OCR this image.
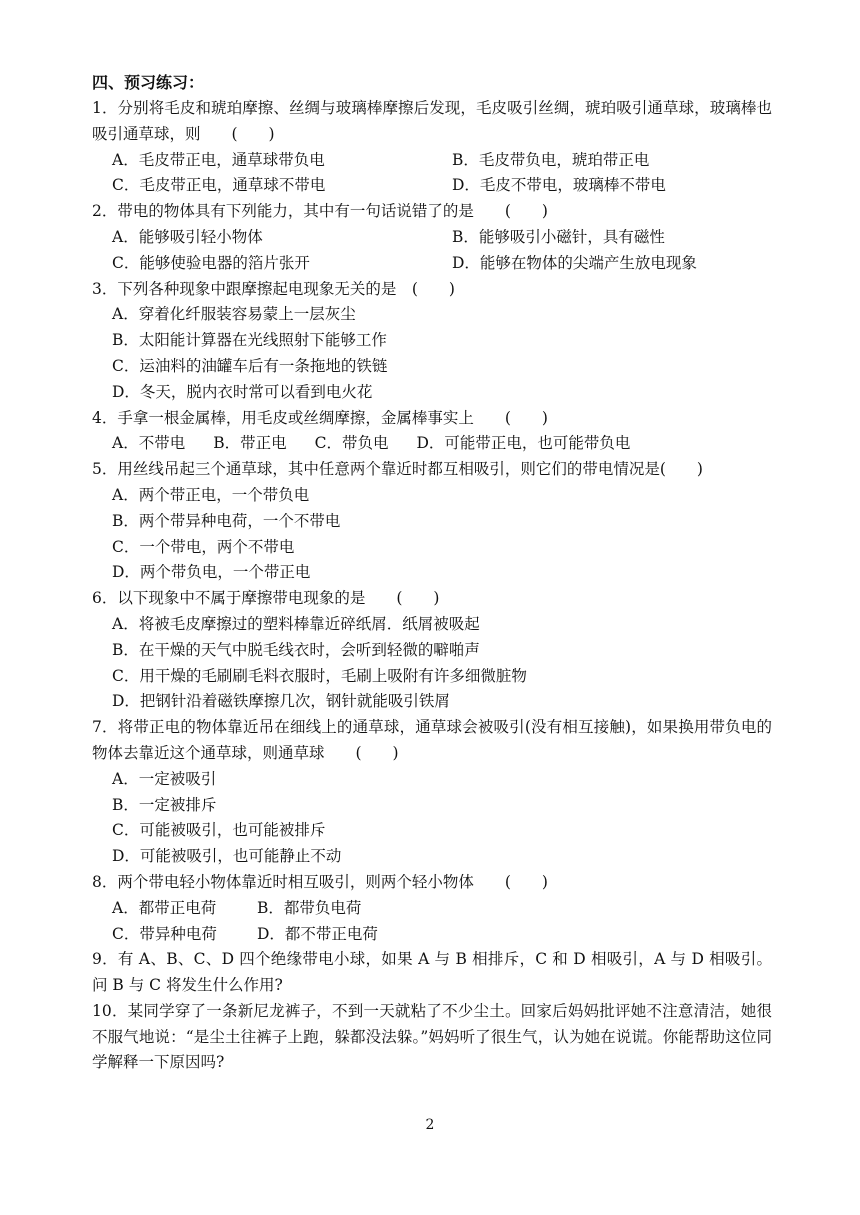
四、预习练习：
1．分别将毛皮和琥珀摩擦、丝绸与玻璃棒摩擦后发现，毛皮吸引丝绸，琥珀吸引通草球，玻璃棒也吸引通草球，则　　(　　)
A．毛皮带正电，通草球带负电	B．毛皮带负电，琥珀带正电
C．毛皮带正电，通草球不带电	D．毛皮不带电，玻璃棒不带电
2．带电的物体具有下列能力，其中有一句话说错了的是　　(　　)
A．能够吸引轻小物体	B．能够吸引小磁针，具有磁性
C．能够使验电器的箔片张开	D．能够在物体的尖端产生放电现象
3．下列各种现象中跟摩擦起电现象无关的是　(　　)
A．穿着化纤服装容易蒙上一层灰尘
B．太阳能计算器在光线照射下能够工作
C．运油料的油罐车后有一条拖地的铁链
D．冬天，脱内衣时常可以看到电火花
4．手拿一根金属棒，用毛皮或丝绸摩擦，金属棒事实上　　(　　)
A．不带电 B．带正电 C．带负电 D．可能带正电，也可能带负电
5．用丝线吊起三个通草球，其中任意两个靠近时都互相吸引，则它们的带电情况是(　　)
A．两个带正电，一个带负电
B．两个带异种电荷，一个不带电
C．一个带电，两个不带电
D．两个带负电，一个带正电
6．以下现象中不属于摩擦带电现象的是　　(　　)
A．将被毛皮摩擦过的塑料棒靠近碎纸屑．纸屑被吸起
B．在干燥的天气中脱毛线衣时，会听到轻微的噼啪声
C．用干燥的毛刷刷毛料衣服时，毛刷上吸附有许多细微脏物
D．把钢针沿着磁铁摩擦几次，钢针就能吸引铁屑
7．将带正电的物体靠近吊在细线上的通草球，通草球会被吸引(没有相互接触)，如果换用带负电的物体去靠近这个通草球，则通草球　　(　　)
A．一定被吸引
B．一定被排斥
C．可能被吸引，也可能被排斥
D．可能被吸引，也可能静止不动
8．两个带电轻小物体靠近时相互吸引，则两个轻小物体　　(　　)
A．都带正电荷	B．都带负电荷
C．带异种电荷	D．都不带正电荷
9．有 A、B、C、D 四个绝缘带电小球，如果 A 与 B 相排斥，C 和 D 相吸引，A 与 D 相吸引。问 B 与 C 将发生什么作用?
10．某同学穿了一条新尼龙裤子，不到一天就粘了不少尘土。回家后妈妈批评她不注意清洁，她很不服气地说：“是尘土往裤子上跑，躲都没法躲。”妈妈听了很生气，认为她在说谎。你能帮助这位同学解释一下原因吗?
2
